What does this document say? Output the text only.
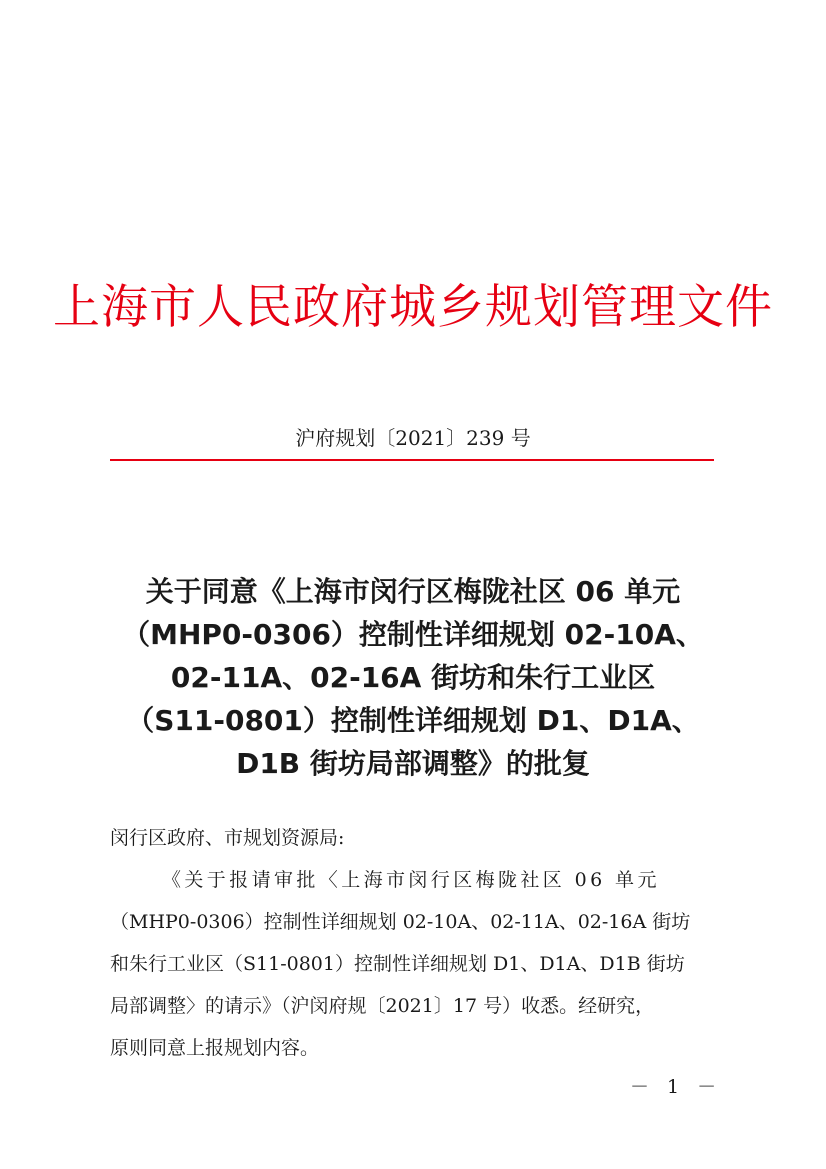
上海市人民政府城乡规划管理文件
沪府规划〔2021〕239 号
关于同意《上海市闵行区梅陇社区 06 单元
（MHP0-0306）控制性详细规划 02-10A、
02-11A、02-16A 街坊和朱行工业区
（S11-0801）控制性详细规划 D1、D1A、
D1B 街坊局部调整》的批复
闵行区政府、市规划资源局:
《关于报请审批〈上海市闵行区梅陇社区 06 单元
（MHP0-0306）控制性详细规划 02-10A、02-11A、02-16A 街坊
和朱行工业区（S11-0801）控制性详细规划 D1、D1A、D1B 街坊
局部调整〉的请示》（沪闵府规〔2021〕17 号）收悉。经研究，
原则同意上报规划内容。
－ 1 －
